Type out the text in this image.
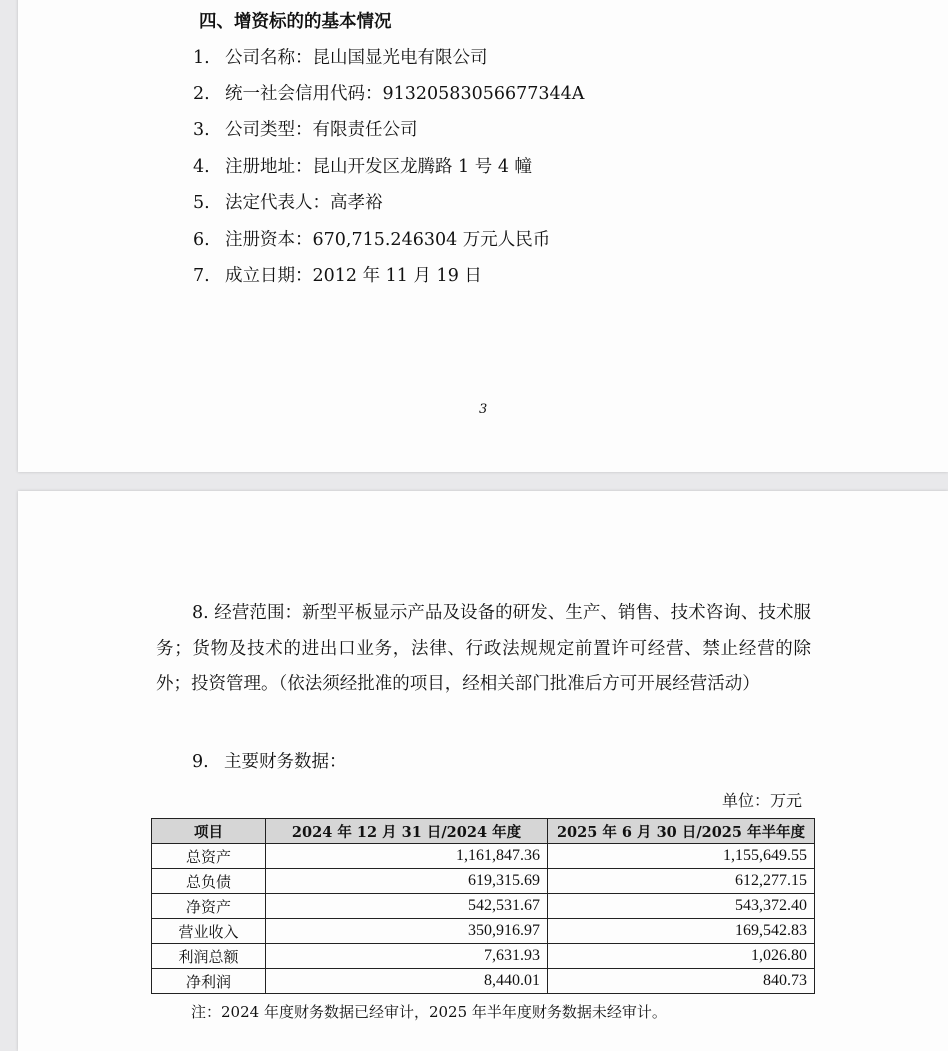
四、增资标的的基本情况
1. 公司名称：昆山国显光电有限公司
2. 统一社会信用代码：91320583056677344A
3. 公司类型：有限责任公司
4. 注册地址：昆山开发区龙腾路 1 号 4 幢
5. 法定代表人：高孝裕
6. 注册资本：670,715.246304 万元人民币
7. 成立日期：2012 年 11 月 19 日
3
8. 经营范围：新型平板显示产品及设备的研发、生产、销售、技术咨询、技术服务；货物及技术的进出口业务，法律、行政法规规定前置许可经营、禁止经营的除外；投资管理。（依法须经批准的项目，经相关部门批准后方可开展经营活动）
9. 主要财务数据：
单位：万元
项目	2024 年 12 月 31 日/2024 年度	2025 年 6 月 30 日/2025 年半年度
总资产	1,161,847.36	1,155,649.55
总负债	619,315.69	612,277.15
净资产	542,531.67	543,372.40
营业收入	350,916.97	169,542.83
利润总额	7,631.93	1,026.80
净利润	8,440.01	840.73
注：2024 年度财务数据已经审计，2025 年半年度财务数据未经审计。
